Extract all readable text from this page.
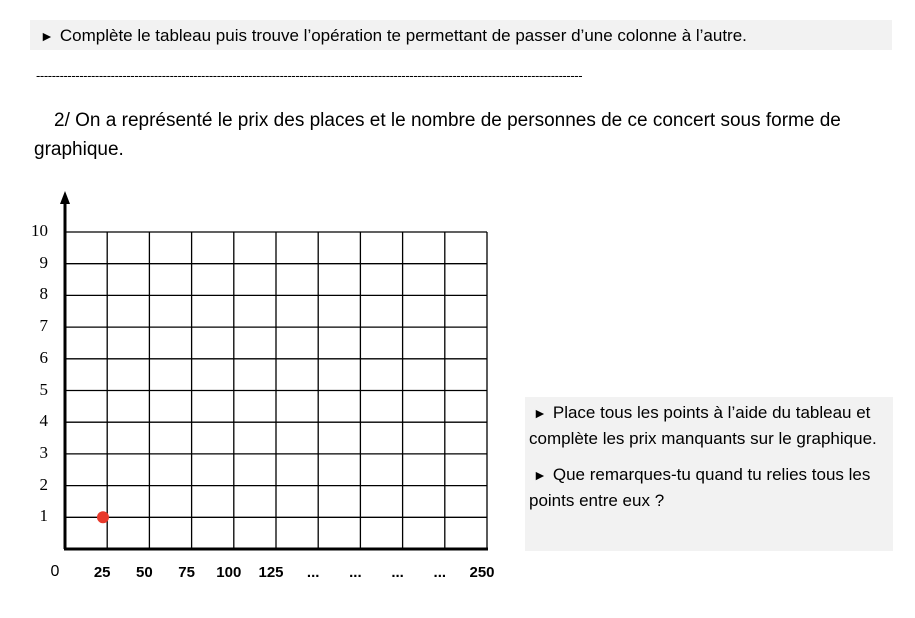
► Complète le tableau puis trouve l’opération te permettant de passer d’une colonne à l’autre.
-------------------------------------------------------------------------------------------------------------------------------------------
2/ On a représenté le prix des places et le nombre de personnes de ce concert sous forme de graphique.
10
9
8
7
6
5
4
3
2
1
0	25	50	75	100	125	...	...	...	...	250

► Place tous les points à l’aide du tableau et complète les prix manquants sur le graphique.

► Que remarques-tu quand tu relies tous les points entre eux ?
